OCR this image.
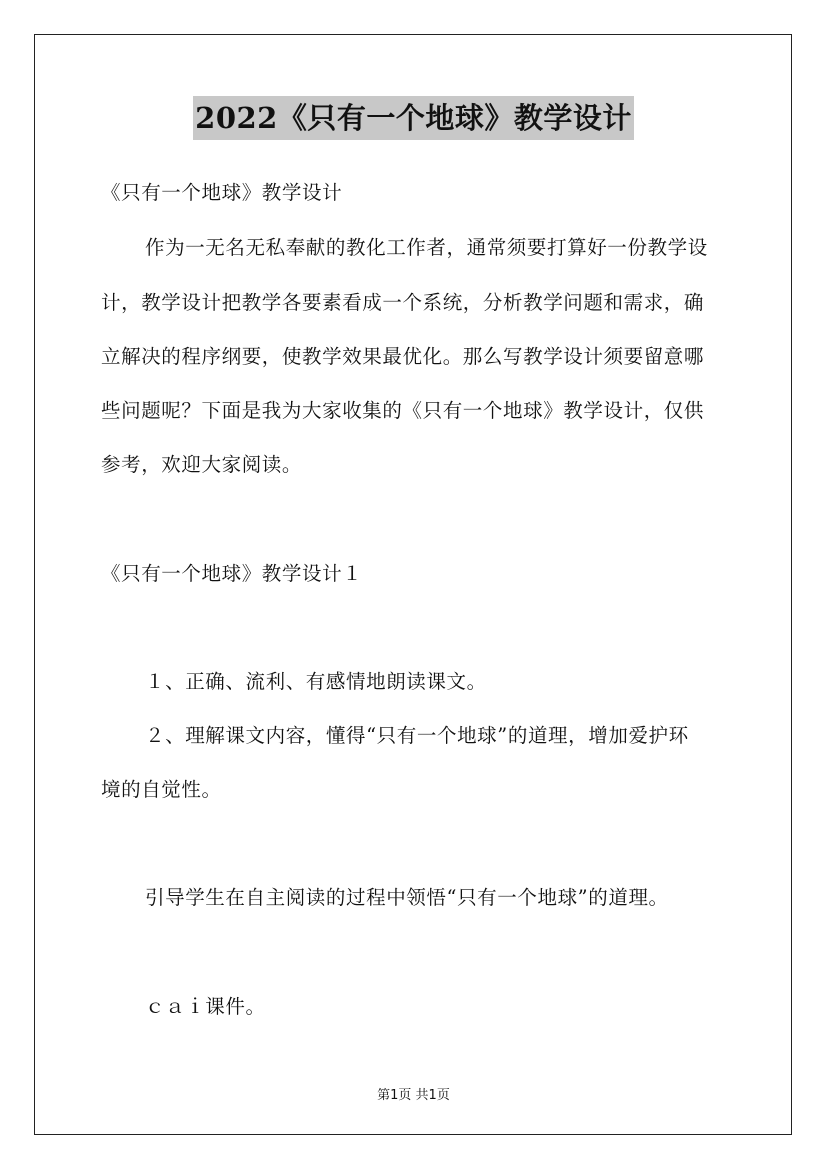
2022《只有一个地球》教学设计
《只有一个地球》教学设计
作为一无名无私奉献的教化工作者，通常须要打算好一份教学设
计，教学设计把教学各要素看成一个系统，分析教学问题和需求，确
立解决的程序纲要，使教学效果最优化。那么写教学设计须要留意哪
些问题呢？下面是我为大家收集的《只有一个地球》教学设计，仅供
参考，欢迎大家阅读。
《只有一个地球》教学设计１
１、正确、流利、有感情地朗读课文。
２、理解课文内容，懂得“只有一个地球”的道理，增加爱护环
境的自觉性。
引导学生在自主阅读的过程中领悟“只有一个地球”的道理。
ｃａｉ课件。
第1页 共1页
